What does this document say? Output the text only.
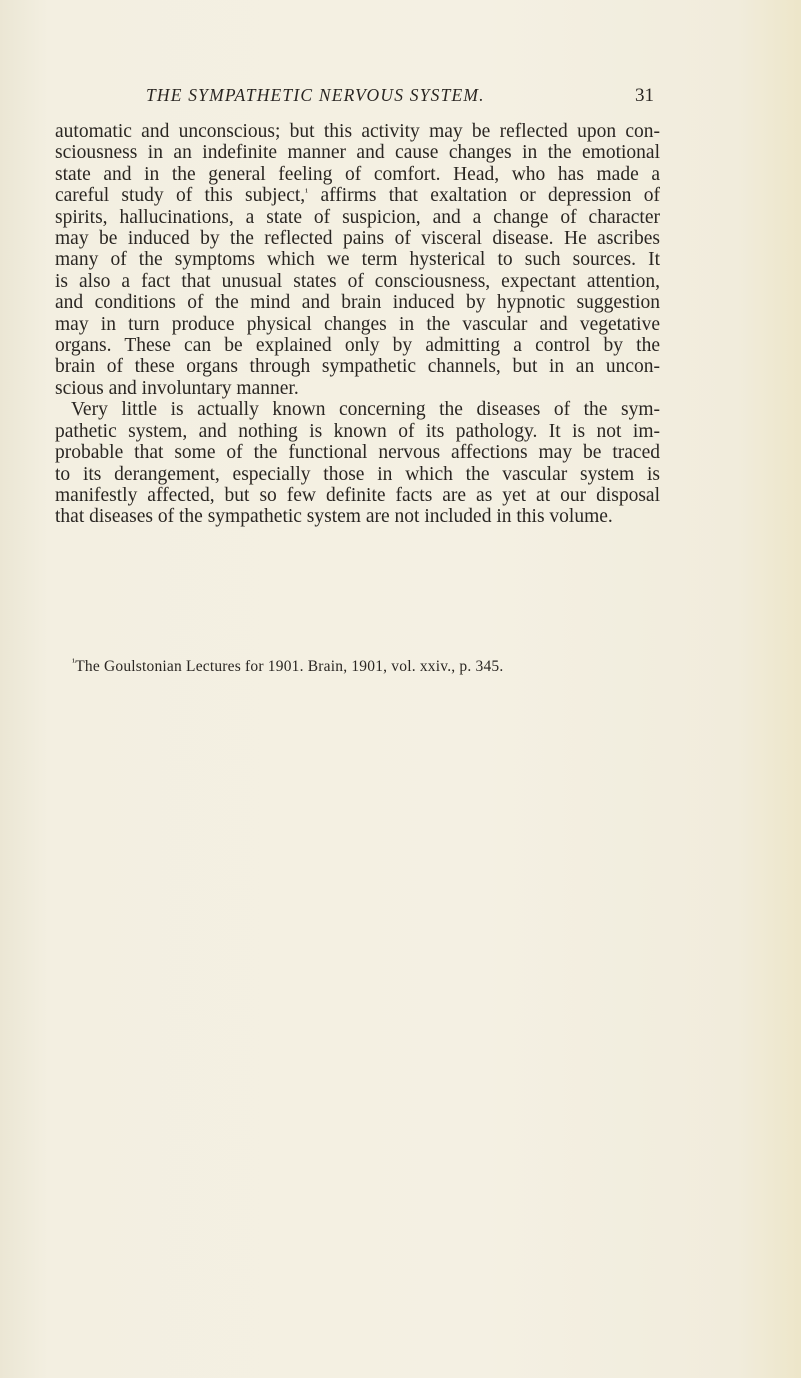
THE SYMPATHETIC NERVOUS SYSTEM.	31
automatic and unconscious; but this activity may be reflected upon con-
sciousness in an indefinite manner and cause changes in the emotional
state and in the general feeling of comfort. Head, who has made a
careful study of this subject,$^{^1}$ affirms that exaltation or depression of
spirits, hallucinations, a state of suspicion, and a change of character
may be induced by the reflected pains of visceral disease. He ascribes
many of the symptoms which we term hysterical to such sources. It
is also a fact that unusual states of consciousness, expectant attention,
and conditions of the mind and brain induced by hypnotic suggestion
may in turn produce physical changes in the vascular and vegetative
organs. These can be explained only by admitting a control by the
brain of these organs through sympathetic channels, but in an uncon-
scious and involuntary manner.
Very little is actually known concerning the diseases of the sym-
pathetic system, and nothing is known of its pathology. It is not im-
probable that some of the functional nervous affections may be traced
to its derangement, especially those in which the vascular system is
manifestly affected, but so few definite facts are as yet at our disposal
that diseases of the sympathetic system are not included in this volume.
$^{^1}$The Goulstonian Lectures for 1901. Brain, 1901, vol. xxiv., p. 345.
